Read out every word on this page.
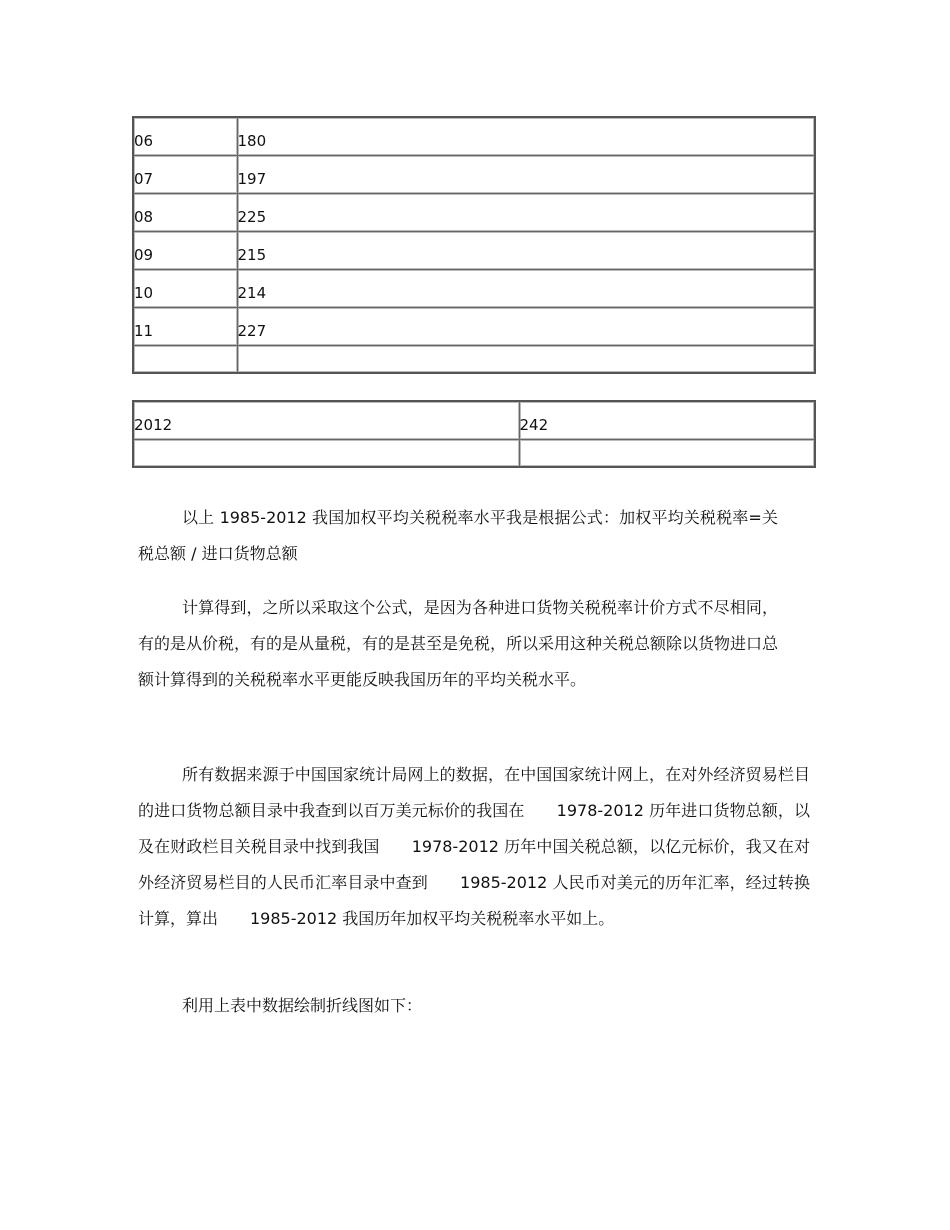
06	180
07	197
08	225
09	215
10	214
11	227

2012	242

以上 1985-2012 我国加权平均关税税率水平我是根据公式：加权平均关税税率=关税总额 / 进口货物总额

计算得到，之所以采取这个公式，是因为各种进口货物关税税率计价方式不尽相同，有的是从价税，有的是从量税，有的是甚至是免税，所以采用这种关税总额除以货物进口总额计算得到的关税税率水平更能反映我国历年的平均关税水平。

所有数据来源于中国国家统计局网上的数据，在中国国家统计网上，在对外经济贸易栏目的进口货物总额目录中我查到以百万美元标价的我国在　　1978-2012 历年进口货物总额，以及在财政栏目关税目录中找到我国　　1978-2012 历年中国关税总额，以亿元标价，我又在对外经济贸易栏目的人民币汇率目录中查到　　1985-2012 人民币对美元的历年汇率，经过转换计算，算出　　1985-2012 我国历年加权平均关税税率水平如上。

利用上表中数据绘制折线图如下：
